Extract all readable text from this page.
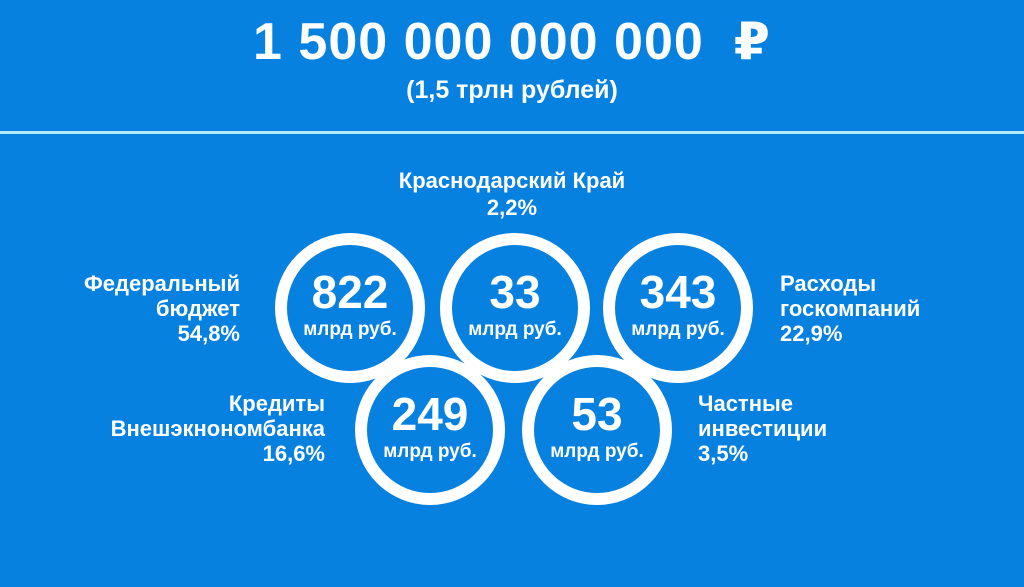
1 500 000 000 000 ₽
(1,5 трлн рублей)
822
млрд руб.
33
млрд руб.
343
млрд руб.
249
млрд руб.
53
млрд руб.
Краснодарский Край
2,2%
Федеральный
бюджет
54,8%
Расходы
госкомпаний
22,9%
Кредиты
Внешэкнономбанка
16,6%
Частные
инвестиции
3,5%
